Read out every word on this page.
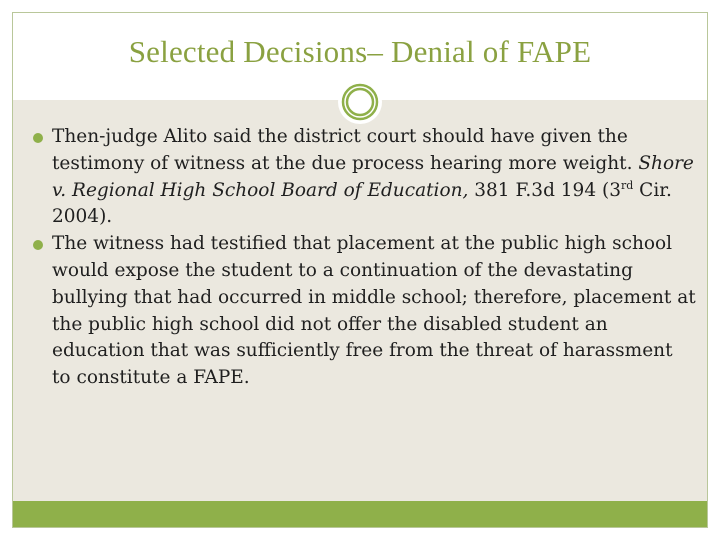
Selected Decisions– Denial of FAPE
Then-judge Alito said the district court should have given the testimony of witness at the due process hearing more weight. Shore v. Regional High School Board of Education, 381 F.3d 194 (3rd Cir. 2004).
The witness had testified that placement at the public high school would expose the student to a continuation of the devastating bullying that had occurred in middle school; therefore, placement at the public high school did not offer the disabled student an education that was sufficiently free from the threat of harassment to constitute a FAPE.
